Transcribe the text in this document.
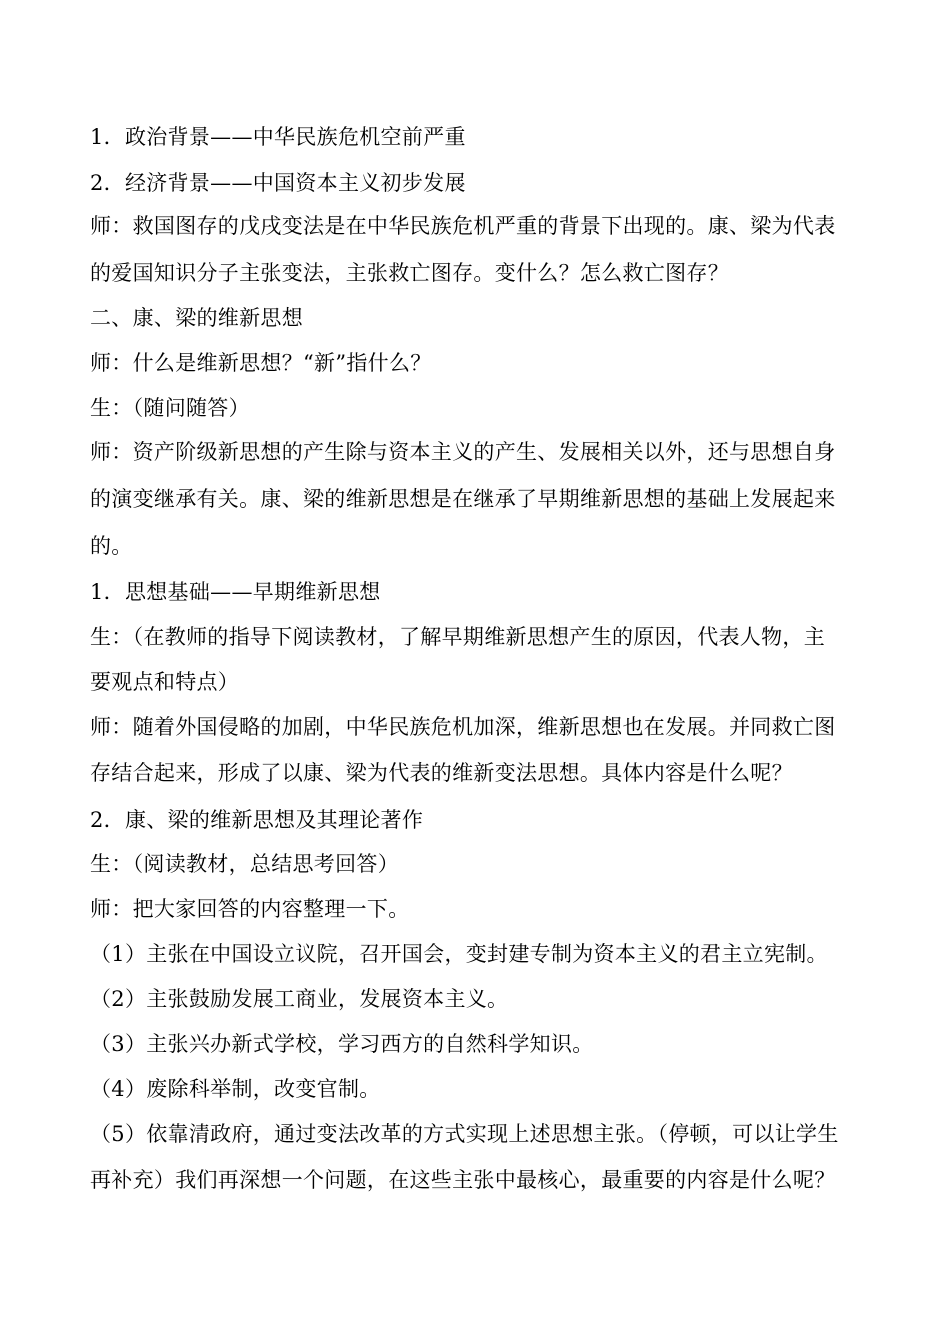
1．政治背景——中华民族危机空前严重
2．经济背景——中国资本主义初步发展
师：救国图存的戊戌变法是在中华民族危机严重的背景下出现的。康、梁为代表
的爱国知识分子主张变法，主张救亡图存。变什么？怎么救亡图存？
二、康、梁的维新思想
师：什么是维新思想？“新”指什么？
生：（随问随答）
师：资产阶级新思想的产生除与资本主义的产生、发展相关以外，还与思想自身
的演变继承有关。康、梁的维新思想是在继承了早期维新思想的基础上发展起来
的。
1．思想基础——早期维新思想
生：（在教师的指导下阅读教材，了解早期维新思想产生的原因，代表人物，主
要观点和特点）
师：随着外国侵略的加剧，中华民族危机加深，维新思想也在发展。并同救亡图
存结合起来，形成了以康、梁为代表的维新变法思想。具体内容是什么呢？
2．康、梁的维新思想及其理论著作
生：（阅读教材，总结思考回答）
师：把大家回答的内容整理一下。
（1）主张在中国设立议院，召开国会，变封建专制为资本主义的君主立宪制。
（2）主张鼓励发展工商业，发展资本主义。
（3）主张兴办新式学校，学习西方的自然科学知识。
（4）废除科举制，改变官制。
（5）依靠清政府，通过变法改革的方式实现上述思想主张。（停顿，可以让学生
再补充）我们再深想一个问题，在这些主张中最核心，最重要的内容是什么呢？
